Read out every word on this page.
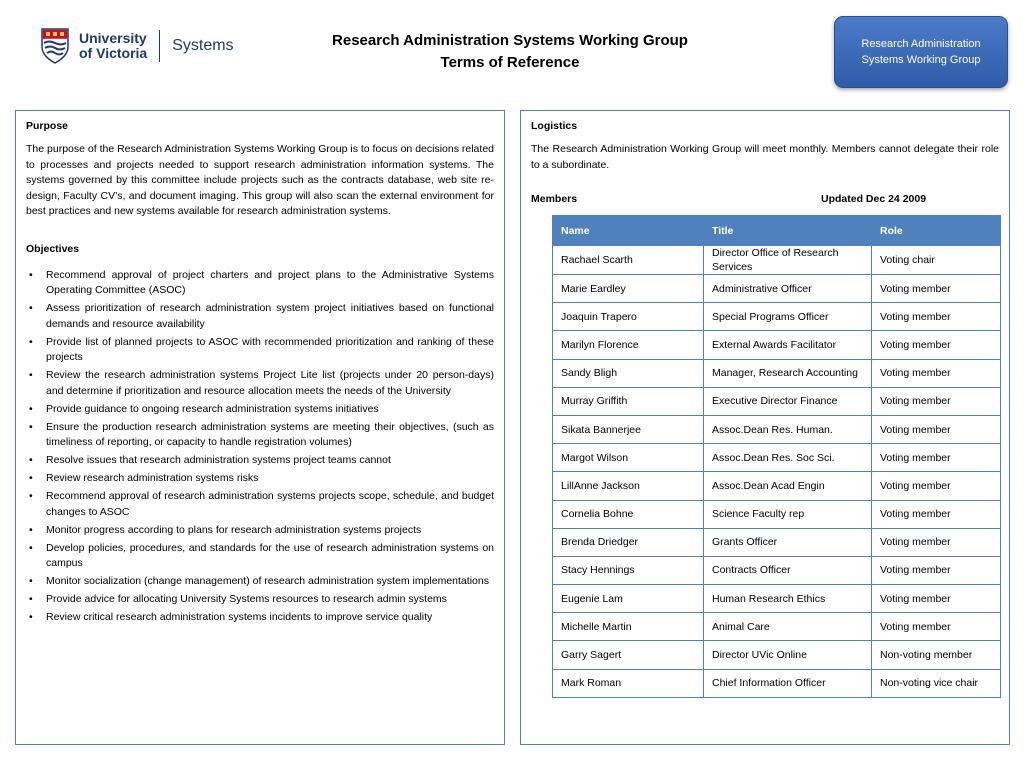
University
of Victoria Systems	Research Administration Systems Working Group
Terms of Reference
Research Administration Systems Working Group
Purpose
The purpose of the Research Administration Systems Working Group is to focus on decisions related to processes and projects needed to support research administration information systems. The systems governed by this committee include projects such as the contracts database, web site re-design, Faculty CV’s, and document imaging. This group will also scan the external environment for best practices and new systems available for research administration systems.
Objectives
• Recommend approval of project charters and project plans to the Administrative Systems Operating Committee (ASOC)
• Assess prioritization of research administration system project initiatives based on functional demands and resource availability
• Provide list of planned projects to ASOC with recommended prioritization and ranking of these projects
• Review the research administration systems Project Lite list (projects under 20 person-days) and determine if prioritization and resource allocation meets the needs of the University
• Provide guidance to ongoing research administration systems initiatives
• Ensure the production research administration systems are meeting their objectives, (such as timeliness of reporting, or capacity to handle registration volumes)
• Resolve issues that research administration systems project teams cannot
• Review research administration systems risks
• Recommend approval of research administration systems projects scope, schedule, and budget changes to ASOC
• Monitor progress according to plans for research administration systems projects
• Develop policies, procedures, and standards for the use of research administration systems on campus
• Monitor socialization (change management) of research administration system implementations
• Provide advice for allocating University Systems resources to research admin systems
• Review critical research administration systems incidents to improve service quality
Logistics
The Research Administration Working Group will meet monthly. Members cannot delegate their role to a subordinate.
Members	Updated Dec 24 2009
Name	Title	Role
Rachael Scarth	Director Office of Research Services	Voting chair
Marie Eardley	Administrative Officer	Voting member
Joaquin Trapero	Special Programs Officer	Voting member
Marilyn Florence	External Awards Facilitator	Voting member
Sandy Bligh	Manager, Research Accounting	Voting member
Murray Griffith	Executive Director Finance	Voting member
Sikata Bannerjee	Assoc.Dean Res. Human.	Voting member
Margot Wilson	Assoc.Dean Res. Soc Sci.	Voting member
LillAnne Jackson	Assoc.Dean Acad Engin	Voting member
Cornelia Bohne	Science Faculty rep	Voting member
Brenda Driedger	Grants Officer	Voting member
Stacy Hennings	Contracts Officer	Voting member
Eugenie Lam	Human Research Ethics	Voting member
Michelle Martin	Animal Care	Voting member
Garry Sagert	Director UVic Online	Non-voting member
Mark Roman	Chief Information Officer	Non-voting vice chair
